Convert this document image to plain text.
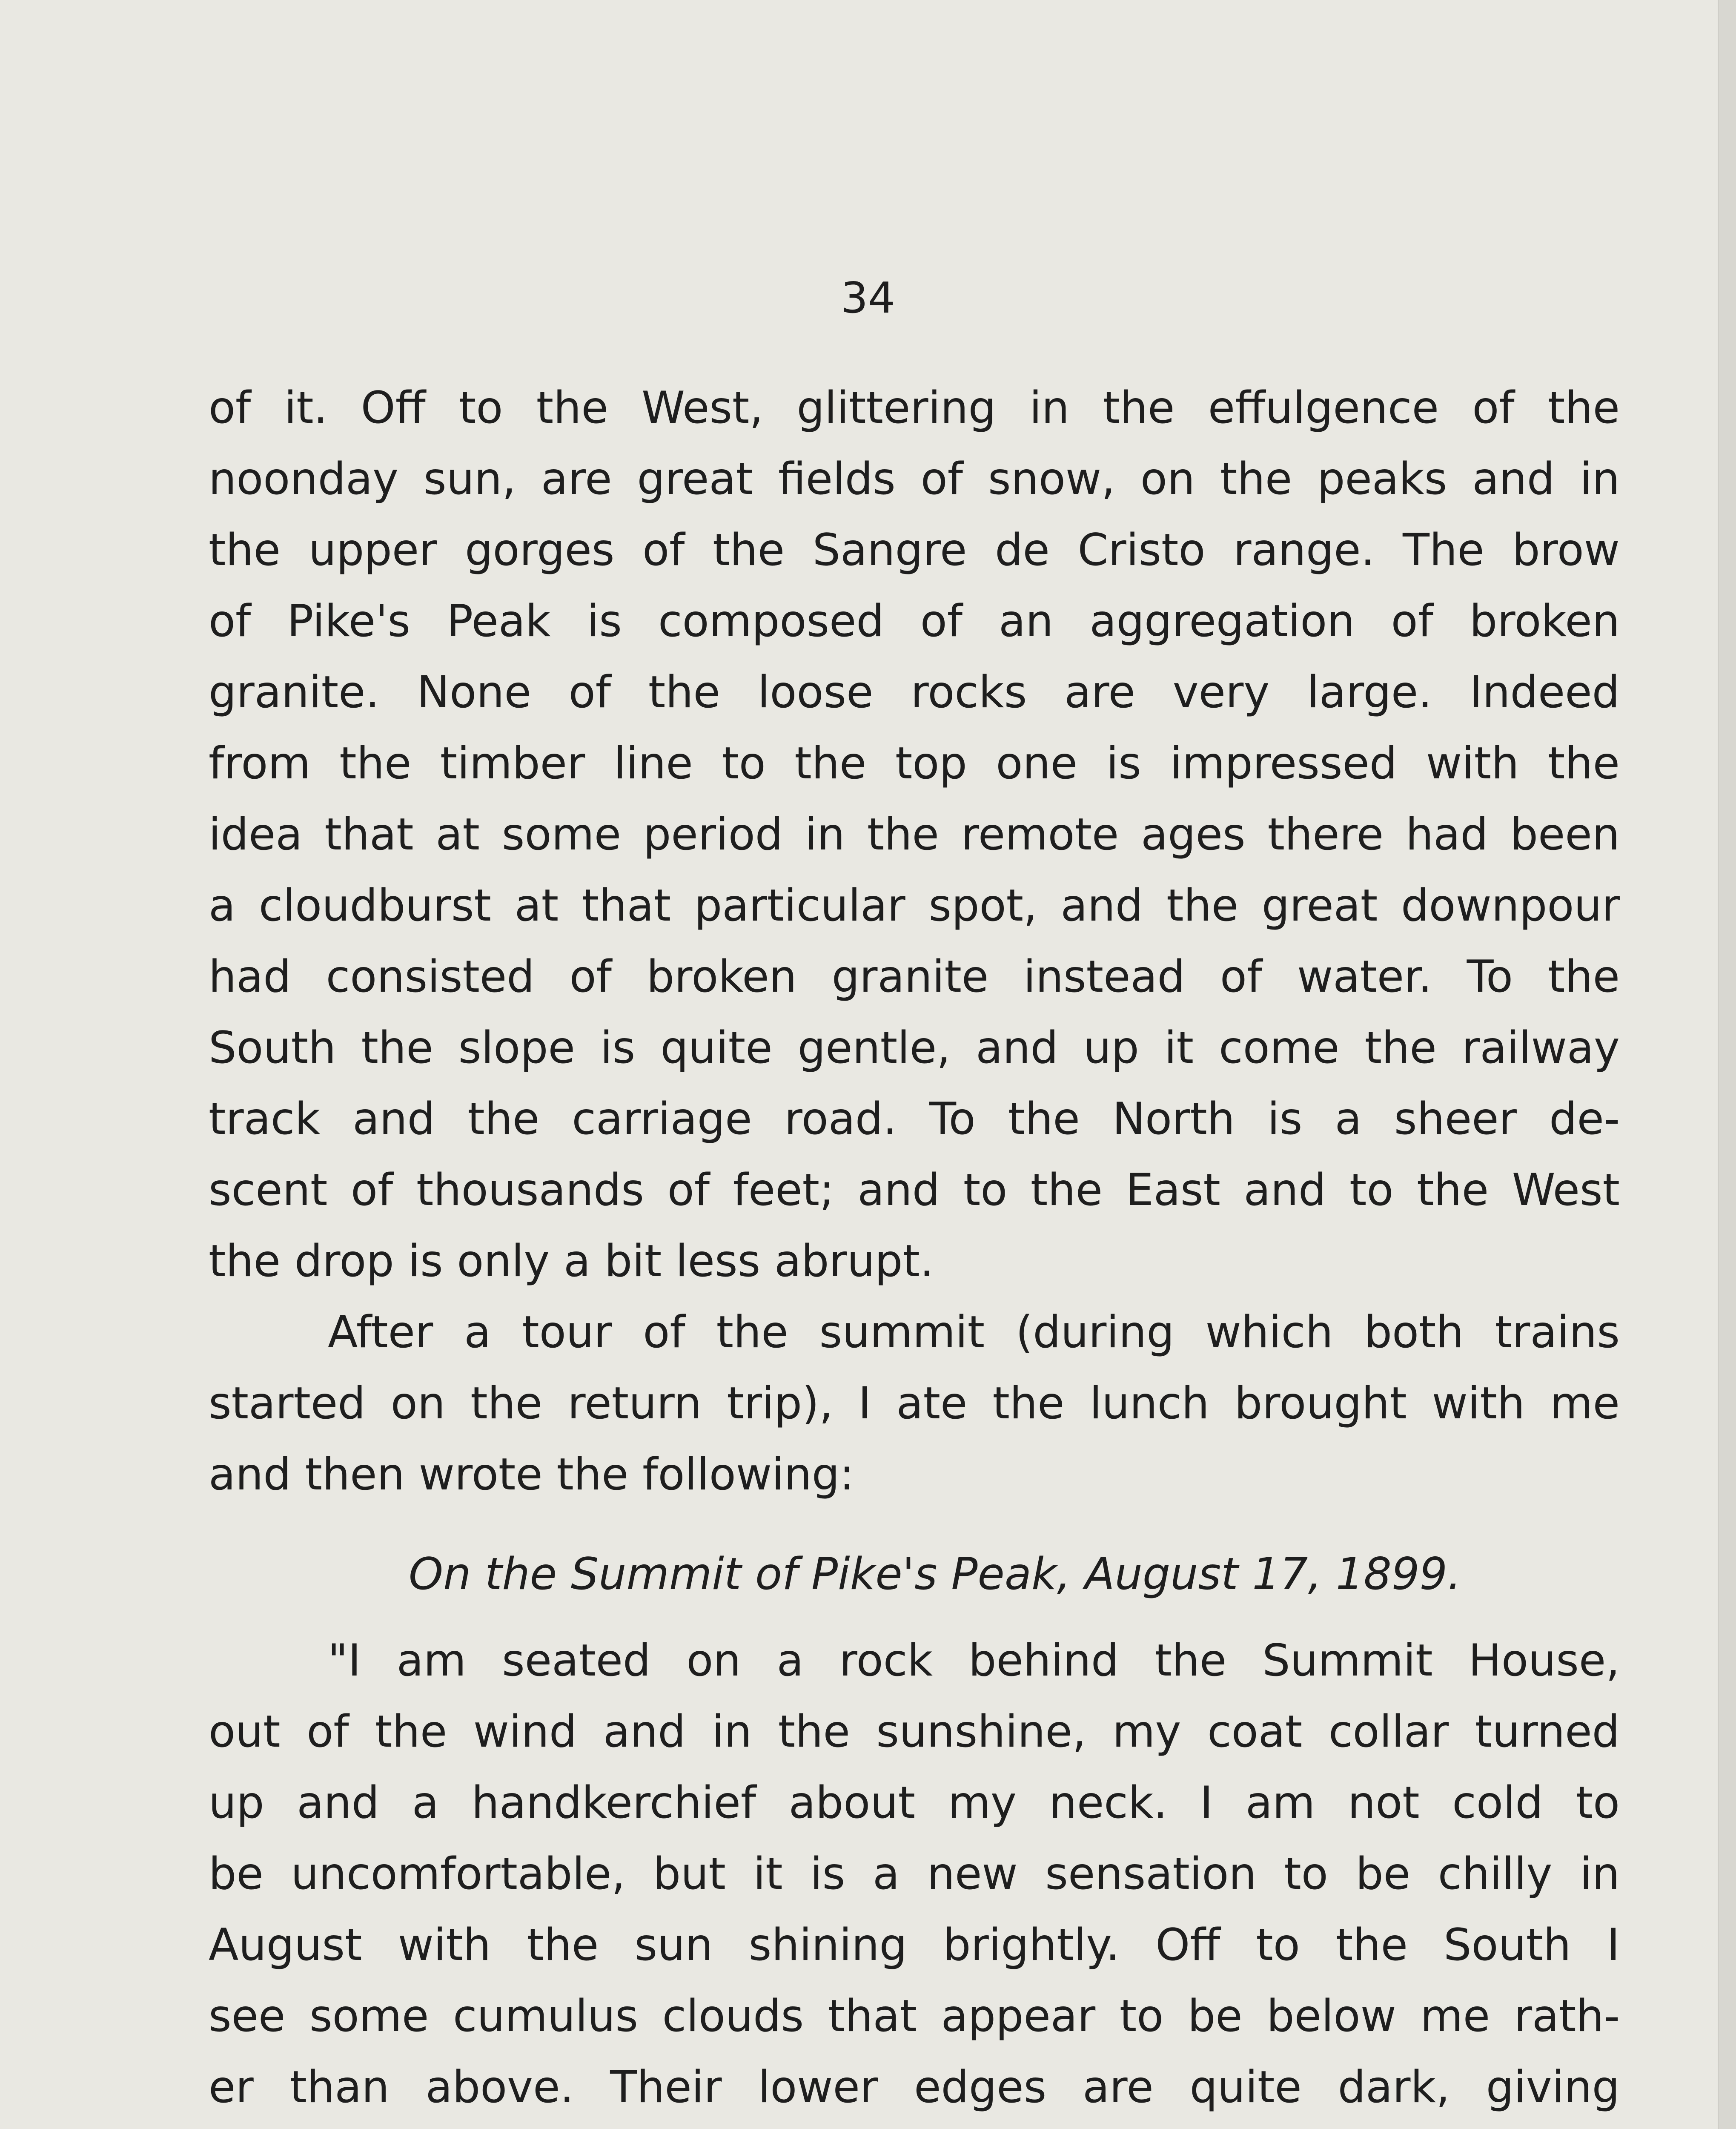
34
of it. Off to the West, glittering in the effulgence of the
noonday sun, are great fields of snow, on the peaks and in
the upper gorges of the Sangre de Cristo range. The brow
of Pike's Peak is composed of an aggregation of broken
granite. None of the loose rocks are very large. Indeed
from the timber line to the top one is impressed with the
idea that at some period in the remote ages there had been
a cloudburst at that particular spot, and the great downpour
had consisted of broken granite instead of water. To the
South the slope is quite gentle, and up it come the railway
track and the carriage road. To the North is a sheer de-
scent of thousands of feet; and to the East and to the West
the drop is only a bit less abrupt.
After a tour of the summit (during which both trains
started on the return trip), I ate the lunch brought with me
and then wrote the following:
On the Summit of Pike's Peak, August 17, 1899.
"I am seated on a rock behind the Summit House,
out of the wind and in the sunshine, my coat collar turned
up and a handkerchief about my neck. I am not cold to
be uncomfortable, but it is a new sensation to be chilly in
August with the sun shining brightly. Off to the South I
see some cumulus clouds that appear to be below me rath-
er than above. Their lower edges are quite dark, giving
